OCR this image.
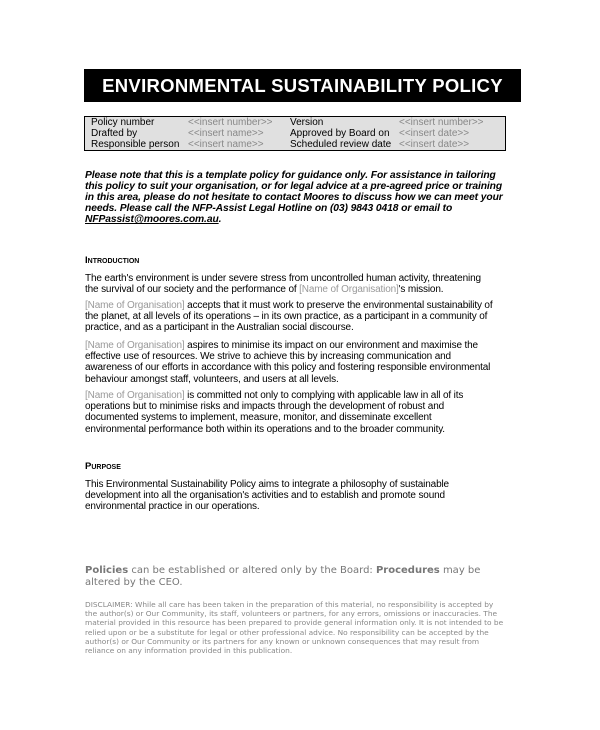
ENVIRONMENTAL SUSTAINABILITY POLICY
Policy number	<<insert number>>	Version	<<insert number>>
Drafted by	<<insert name>>	Approved by Board on <<insert date>>
Responsible person <<insert name>>	Scheduled review date <<insert date>>
Please note that this is a template policy for guidance only. For assistance in tailoring this policy to suit your organisation, or for legal advice at a pre-agreed price or training in this area, please do not hesitate to contact Moores to discuss how we can meet your needs. Please call the NFP-Assist Legal Hotline on (03) 9843 0418 or email to NFPassist@moores.com.au.
Introduction
The earth's environment is under severe stress from uncontrolled human activity, threatening the survival of our society and the performance of [Name of Organisation]'s mission.
[Name of Organisation] accepts that it must work to preserve the environmental sustainability of the planet, at all levels of its operations – in its own practice, as a participant in a community of practice, and as a participant in the Australian social discourse.
[Name of Organisation] aspires to minimise its impact on our environment and maximise the effective use of resources. We strive to achieve this by increasing communication and awareness of our efforts in accordance with this policy and fostering responsible environmental behaviour amongst staff, volunteers, and users at all levels.
[Name of Organisation] is committed not only to complying with applicable law in all of its operations but to minimise risks and impacts through the development of robust and documented systems to implement, measure, monitor, and disseminate excellent environmental performance both within its operations and to the broader community.
Purpose
This Environmental Sustainability Policy aims to integrate a philosophy of sustainable development into all the organisation's activities and to establish and promote sound environmental practice in our operations.
Policies can be established or altered only by the Board: Procedures may be altered by the CEO.
DISCLAIMER: While all care has been taken in the preparation of this material, no responsibility is accepted by the author(s) or Our Community, its staff, volunteers or partners, for any errors, omissions or inaccuracies. The material provided in this resource has been prepared to provide general information only. It is not intended to be relied upon or be a substitute for legal or other professional advice. No responsibility can be accepted by the author(s) or Our Community or its partners for any known or unknown consequences that may result from reliance on any information provided in this publication.
